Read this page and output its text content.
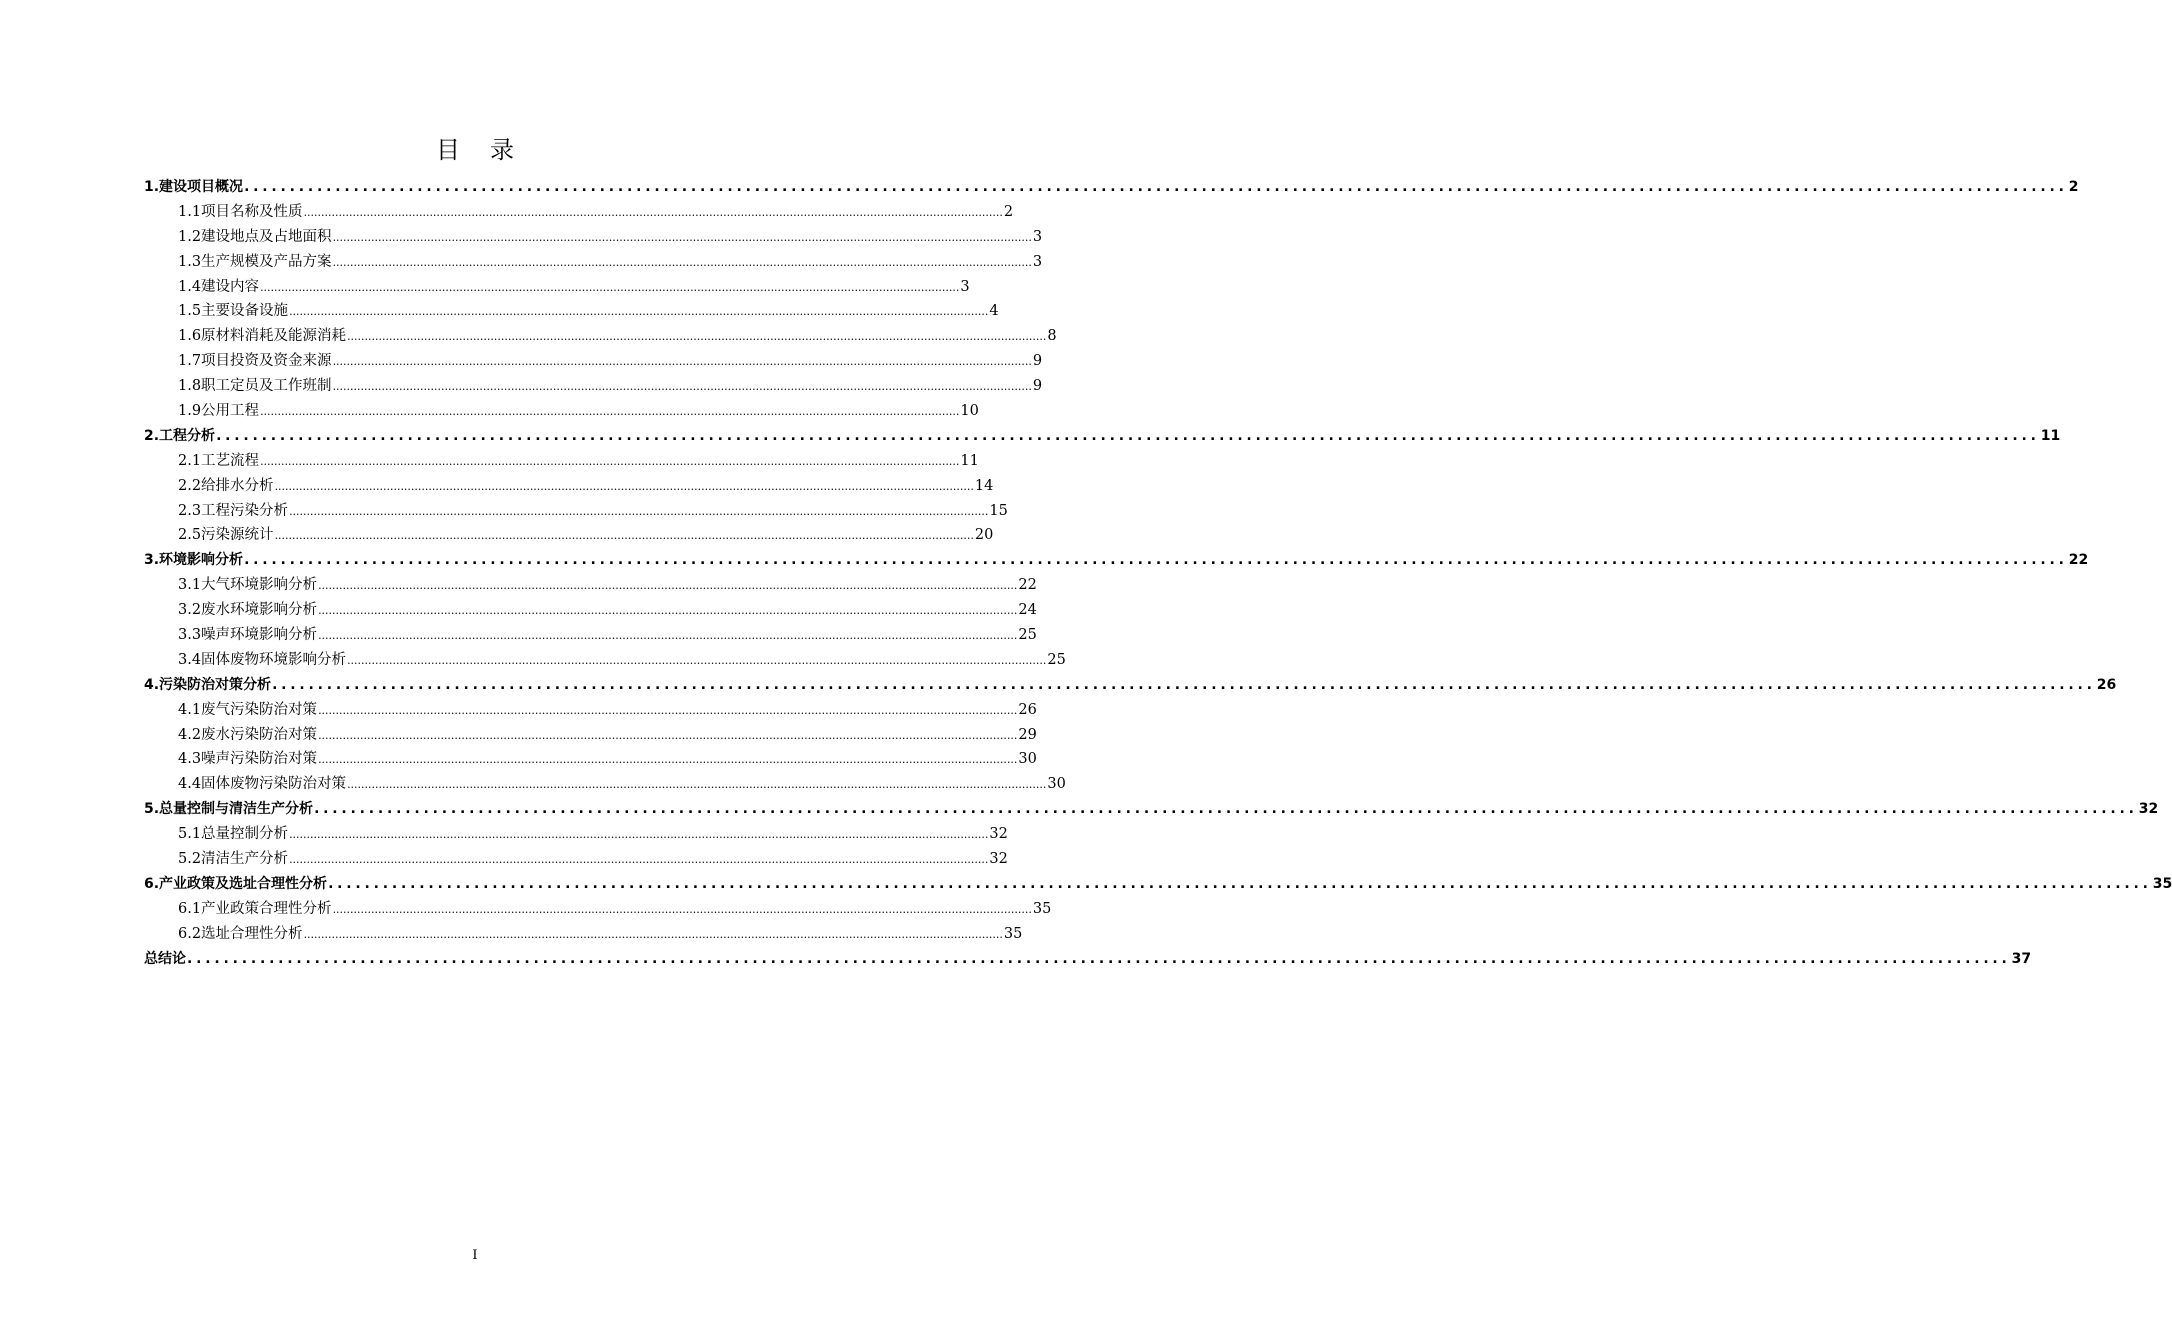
目录
1.建设项目概况 ........................................................................................................................................................................................................ 2
1.1项目名称及性质 ........................................................................................................................................................................................................ 2
1.2建设地点及占地面积 ........................................................................................................................................................................................................ 3
1.3生产规模及产品方案 ........................................................................................................................................................................................................ 3
1.4建设内容 ........................................................................................................................................................................................................ 3
1.5主要设备设施 ........................................................................................................................................................................................................ 4
1.6原材料消耗及能源消耗 ........................................................................................................................................................................................................ 8
1.7项目投资及资金来源 ........................................................................................................................................................................................................ 9
1.8职工定员及工作班制 ........................................................................................................................................................................................................ 9
1.9公用工程 ........................................................................................................................................................................................................ 10
2.工程分析 ........................................................................................................................................................................................................ 11
2.1工艺流程 ........................................................................................................................................................................................................ 11
2.2给排水分析 ........................................................................................................................................................................................................ 14
2.3工程污染分析 ........................................................................................................................................................................................................ 15
2.5污染源统计 ........................................................................................................................................................................................................ 20
3.环境影响分析 ........................................................................................................................................................................................................ 22
3.1大气环境影响分析 ........................................................................................................................................................................................................ 22
3.2废水环境影响分析 ........................................................................................................................................................................................................ 24
3.3噪声环境影响分析 ........................................................................................................................................................................................................ 25
3.4固体废物环境影响分析 ........................................................................................................................................................................................................ 25
4.污染防治对策分析 ........................................................................................................................................................................................................ 26
4.1废气污染防治对策 ........................................................................................................................................................................................................ 26
4.2废水污染防治对策 ........................................................................................................................................................................................................ 29
4.3噪声污染防治对策 ........................................................................................................................................................................................................ 30
4.4固体废物污染防治对策 ........................................................................................................................................................................................................ 30
5.总量控制与清洁生产分析 ........................................................................................................................................................................................................ 32
5.1总量控制分析 ........................................................................................................................................................................................................ 32
5.2清洁生产分析 ........................................................................................................................................................................................................ 32
6.产业政策及选址合理性分析 ........................................................................................................................................................................................................ 35
6.1产业政策合理性分析 ........................................................................................................................................................................................................ 35
6.2选址合理性分析 ........................................................................................................................................................................................................ 35
总结论 ........................................................................................................................................................................................................ 37
I
